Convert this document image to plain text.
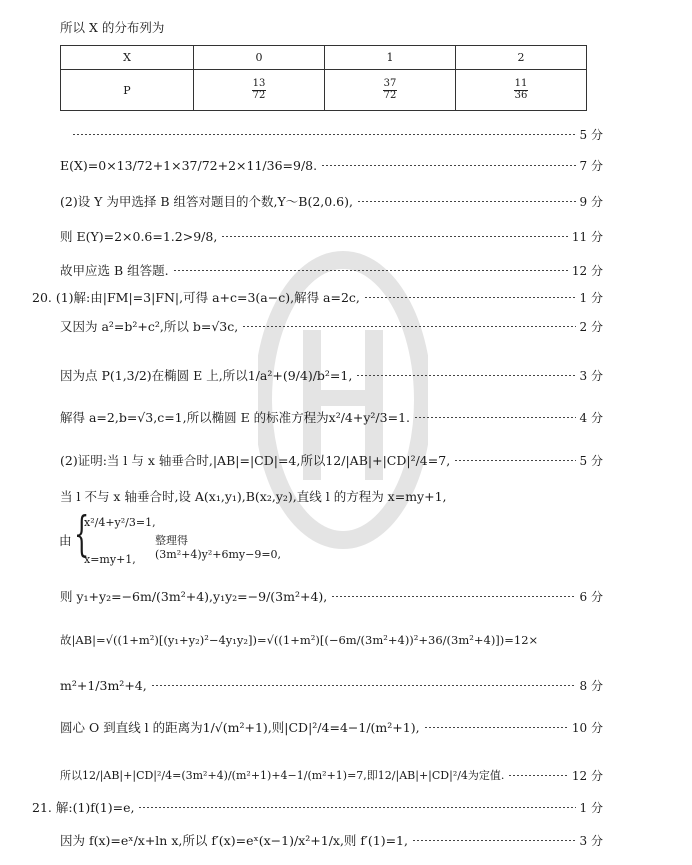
所以 X 的分布列为
X	0	1	2
P	$\frac{13}{72}$	$\frac{37}{72}$	$\frac{11}{36}$
5 分
E(X)=0×13/72+1×37/72+2×11/36=9/8.	7 分
(2)设 Y 为甲选择 B 组答对题目的个数,Y～B(2,0.6),	9 分
则 E(Y)=2×0.6=1.2>9/8,	11 分
故甲应选 B 组答题.	12 分
20. (1)解:由|FM|=3|FN|,可得 a+c=3(a−c),解得 a=2c,	1 分
又因为 a²=b²+c²,所以 b=√3c,	2 分
因为点 P(1,3/2)在椭圆 E 上,所以1/a²+(9/4)/b²=1,	3 分
解得 a=2,b=√3,c=1,所以椭圆 E 的标准方程为x²/4+y²/3=1.	4 分
(2)证明:当 l 与 x 轴垂合时,|AB|=|CD|=4,所以12/|AB|+|CD|²/4=7,	5 分
当 l 不与 x 轴垂合时,设 A(x₁,y₁),B(x₂,y₂),直线 l 的方程为 x=my+1,
由 {
x²/4+y²/3=1,
x=my+1,
整理得(3m²+4)y²+6my−9=0,
则 y₁+y₂=−6m/(3m²+4),y₁y₂=−9/(3m²+4),	6 分
故|AB|=√((1+m²)[(y₁+y₂)²−4y₁y₂])=√((1+m²)[(−6m/(3m²+4))²+36/(3m²+4)])=12×
m²+1/3m²+4,	8 分
圆心 O 到直线 l 的距离为1/√(m²+1),则|CD|²/4=4−1/(m²+1),	10 分
所以12/|AB|+|CD|²/4=(3m²+4)/(m²+1)+4−1/(m²+1)=7,即12/|AB|+|CD|²/4为定值.	12 分
21. 解:(1)f(1)=e,	1 分
因为 f(x)=eˣ/x+ln x,所以 f′(x)=eˣ(x−1)/x²+1/x,则 f′(1)=1,	3 分
